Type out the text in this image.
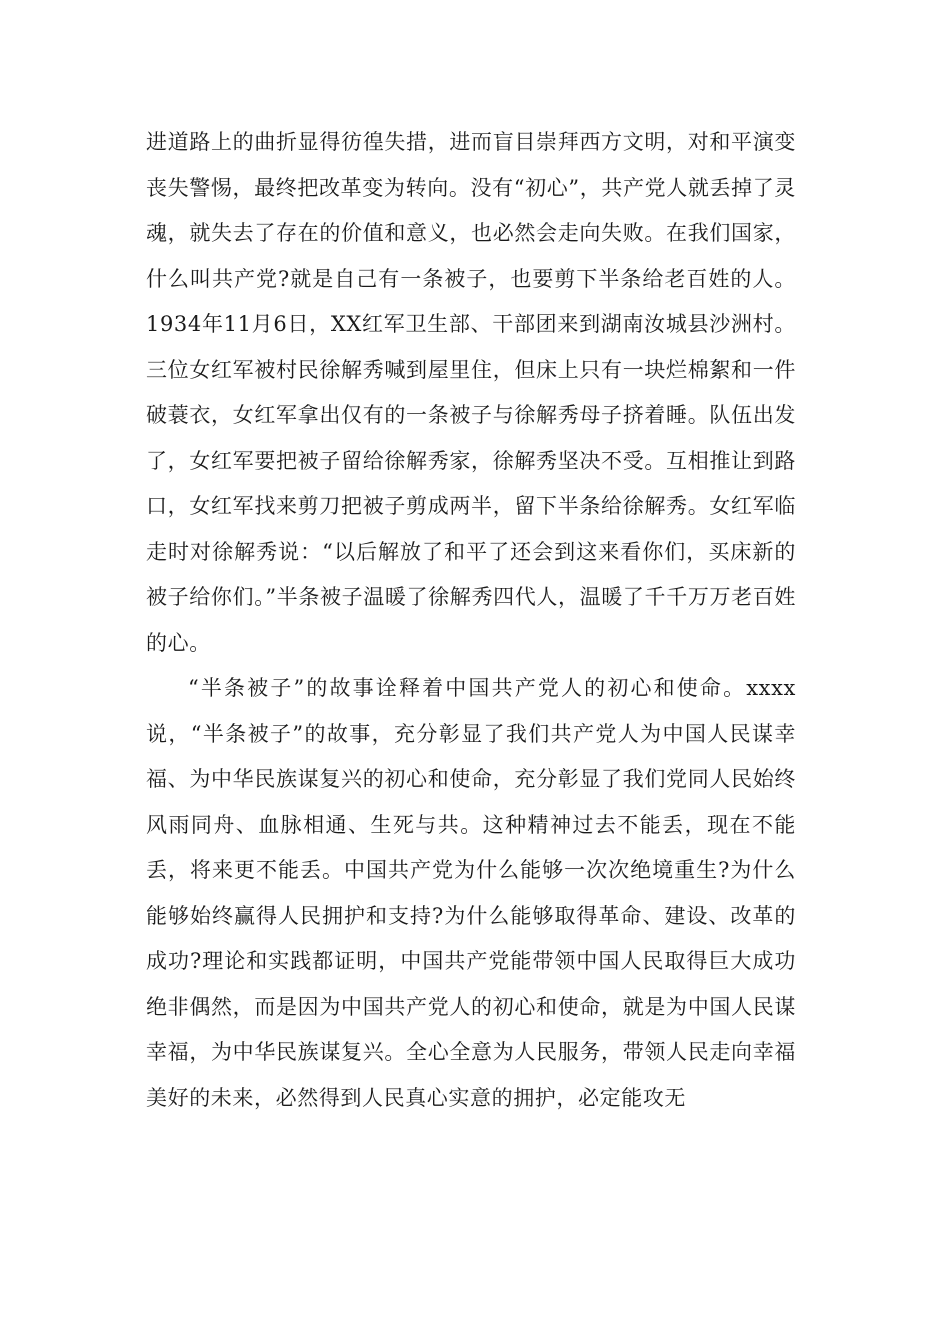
进道路上的曲折显得彷徨失措，进而盲目崇拜西方文明，对和平演变丧失警惕，最终把改革变为转向。没有“初心”，共产党人就丢掉了灵魂，就失去了存在的价值和意义，也必然会走向失败。在我们国家，什么叫共产党?就是自己有一条被子，也要剪下半条给老百姓的人。1934年11月6日，XX红军卫生部、干部团来到湖南汝城县沙洲村。三位女红军被村民徐解秀喊到屋里住，但床上只有一块烂棉絮和一件破蓑衣，女红军拿出仅有的一条被子与徐解秀母子挤着睡。队伍出发了，女红军要把被子留给徐解秀家，徐解秀坚决不受。互相推让到路口，女红军找来剪刀把被子剪成两半，留下半条给徐解秀。女红军临走时对徐解秀说：“以后解放了和平了还会到这来看你们，买床新的被子给你们。”半条被子温暖了徐解秀四代人，温暖了千千万万老百姓的心。

“半条被子”的故事诠释着中国共产党人的初心和使命。xxxx说，“半条被子”的故事，充分彰显了我们共产党人为中国人民谋幸福、为中华民族谋复兴的初心和使命，充分彰显了我们党同人民始终风雨同舟、血脉相通、生死与共。这种精神过去不能丢，现在不能丢，将来更不能丢。中国共产党为什么能够一次次绝境重生?为什么能够始终赢得人民拥护和支持?为什么能够取得革命、建设、改革的成功?理论和实践都证明，中国共产党能带领中国人民取得巨大成功绝非偶然，而是因为中国共产党人的初心和使命，就是为中国人民谋幸福，为中华民族谋复兴。全心全意为人民服务，带领人民走向幸福美好的未来，必然得到人民真心实意的拥护，必定能攻无
